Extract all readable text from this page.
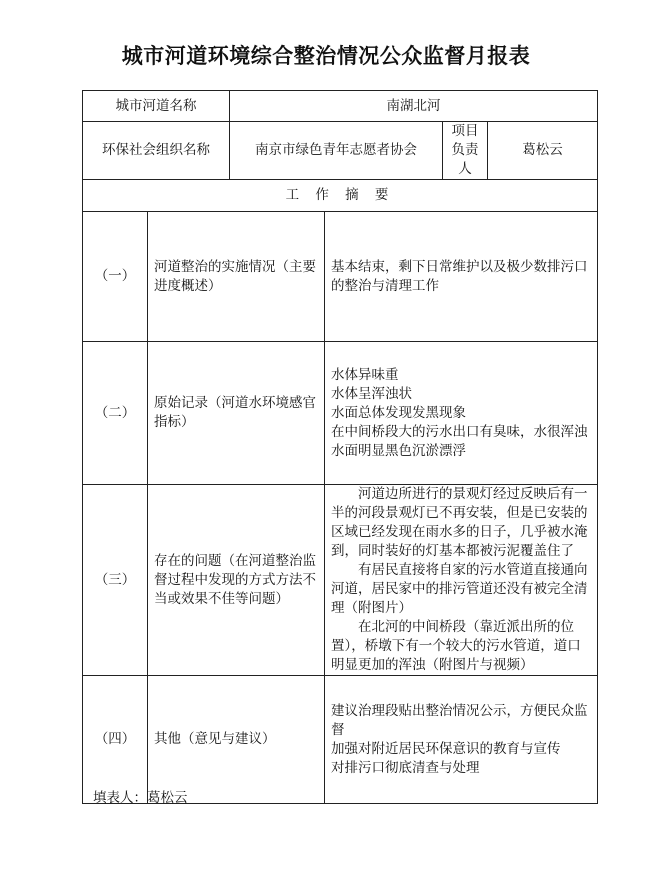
城市河道环境综合整治情况公众监督月报表
城市河道名称		南湖北河			
环保社会组织名称		南京市绿色青年志愿者协会		项目负责人	葛松云
工 作 摘 要					
（一）	河道整治的实施情况（主要进度概述）		基本结束，剩下日常维护以及极少数排污口的整治与清理工作		

（二）	原始记录（河道水环境感官指标）		水体异味重
水体呈浑浊状
水面总体发现发黑现象
在中间桥段大的污水出口有臭味，水很浑浊
水面明显黑色沉淤漂浮		

（三）	存在的问题（在河道整治监督过程中发现的方式方法不当或效果不佳等问题）		河道边所进行的景观灯经过反映后有一半的河段景观灯已不再安装，但是已安装的区域已经发现在雨水多的日子，几乎被水淹到，同时装好的灯基本都被污泥覆盖住了
有居民直接将自家的污水管道直接通向河道，居民家中的排污管道还没有被完全清理（附图片）
在北河的中间桥段（靠近派出所的位置），桥墩下有一个较大的污水管道，道口明显更加的浑浊（附图片与视频）		

（四）	其他（意见与建议）		建议治理段贴出整治情况公示，方便民众监督
加强对附近居民环保意识的教育与宣传
对排污口彻底清查与处理		
填表人：葛松云
